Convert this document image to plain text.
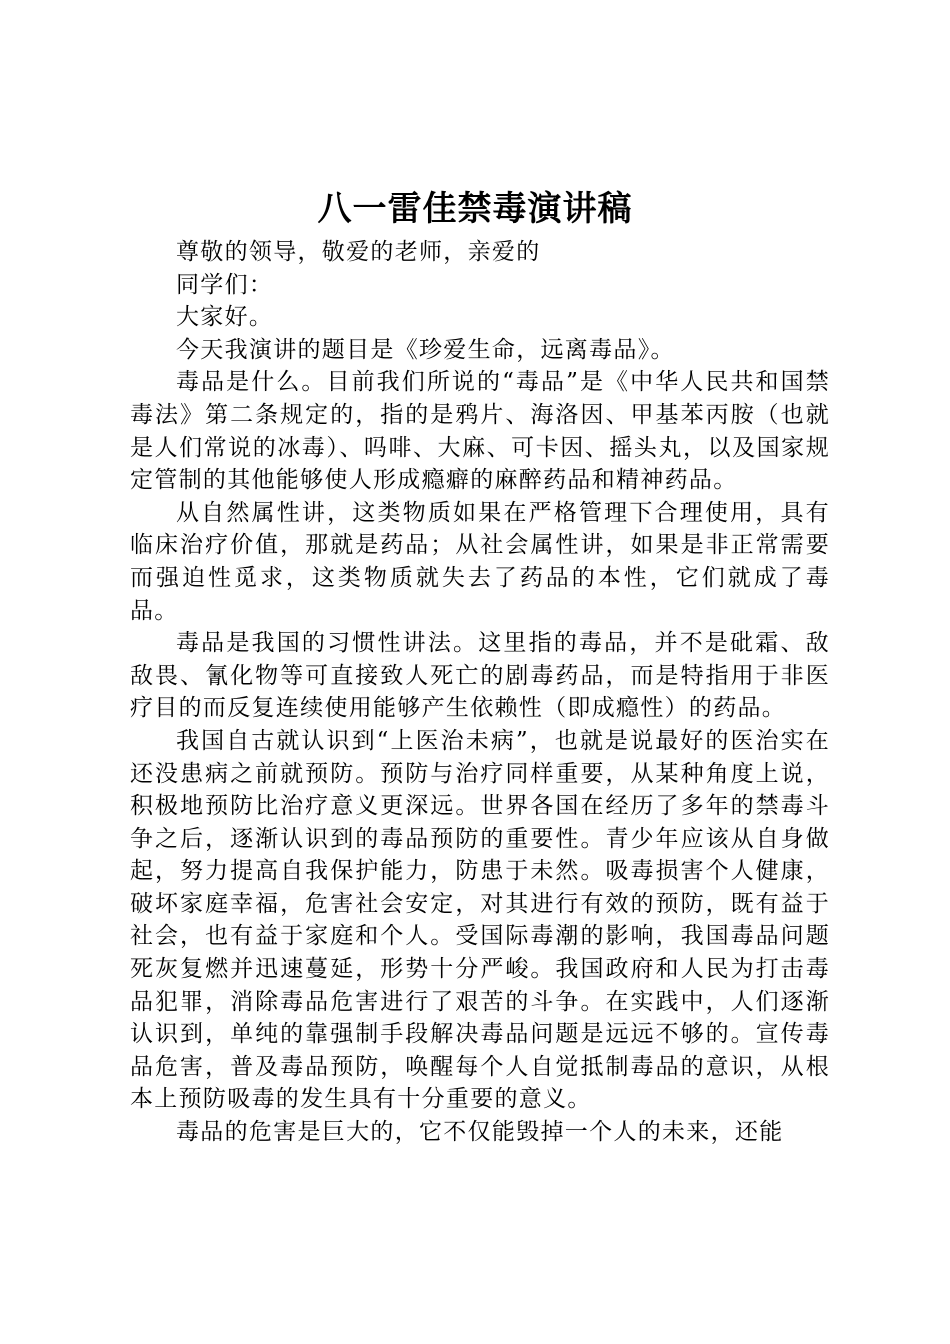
八一雷佳禁毒演讲稿

尊敬的领导，敬爱的老师，亲爱的

同学们：

大家好。

今天我演讲的题目是《珍爱生命，远离毒品》。

毒品是什么。目前我们所说的“毒品”是《中华人民共和国禁毒法》第二条规定的，指的是鸦片、海洛因、甲基苯丙胺（也就是人们常说的冰毒）、吗啡、大麻、可卡因、摇头丸，以及国家规定管制的其他能够使人形成瘾癖的麻醉药品和精神药品。

从自然属性讲，这类物质如果在严格管理下合理使用，具有临床治疗价值，那就是药品；从社会属性讲，如果是非正常需要而强迫性觅求，这类物质就失去了药品的本性，它们就成了毒品。

毒品是我国的习惯性讲法。这里指的毒品，并不是砒霜、敌敌畏、氰化物等可直接致人死亡的剧毒药品，而是特指用于非医疗目的而反复连续使用能够产生依赖性（即成瘾性）的药品。

我国自古就认识到“上医治未病”，也就是说最好的医治实在还没患病之前就预防。预防与治疗同样重要，从某种角度上说，积极地预防比治疗意义更深远。世界各国在经历了多年的禁毒斗争之后，逐渐认识到的毒品预防的重要性。青少年应该从自身做起，努力提高自我保护能力，防患于未然。吸毒损害个人健康，破坏家庭幸福，危害社会安定，对其进行有效的预防，既有益于社会，也有益于家庭和个人。受国际毒潮的影响，我国毒品问题死灰复燃并迅速蔓延，形势十分严峻。我国政府和人民为打击毒品犯罪，消除毒品危害进行了艰苦的斗争。在实践中，人们逐渐认识到，单纯的靠强制手段解决毒品问题是远远不够的。宣传毒品危害，普及毒品预防，唤醒每个人自觉抵制毒品的意识，从根本上预防吸毒的发生具有十分重要的意义。

毒品的危害是巨大的，它不仅能毁掉一个人的未来，还能
